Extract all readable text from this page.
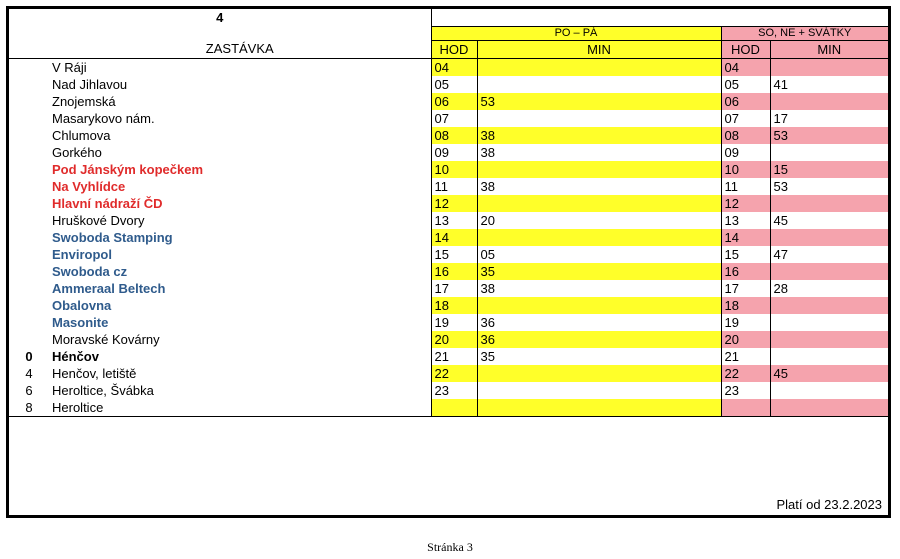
4					
		PO – PÁ		SO, NE + SVÁTKY	
	ZASTÁVKA	HOD	MIN	HOD	MIN
	V Ráji	04		04	
	Nad Jihlavou	05		05	41
	Znojemská	06	53	06	
	Masarykovo nám.	07		07	17
	Chlumova	08	38	08	53
	Gorkého	09	38	09	
	Pod Jánským kopečkem	10		10	15
	Na Vyhlídce	11	38	11	53
	Hlavní nádraží ČD	12		12	
	Hruškové Dvory	13	20	13	45
	Swoboda Stamping	14		14	
	Enviropol	15	05	15	47
	Swoboda cz	16	35	16	
	Ammeraal Beltech	17	38	17	28
	Obalovna	18		18	
	Masonite	19	36	19	
	Moravské Kovárny	20	36	20	
0	Hénčov	21	35	21	
4	Henčov, letiště	22		22	45
6	Heroltice, Švábka	23		23	
8	Heroltice				
Platí od 23.2.2023
Stránka 3
